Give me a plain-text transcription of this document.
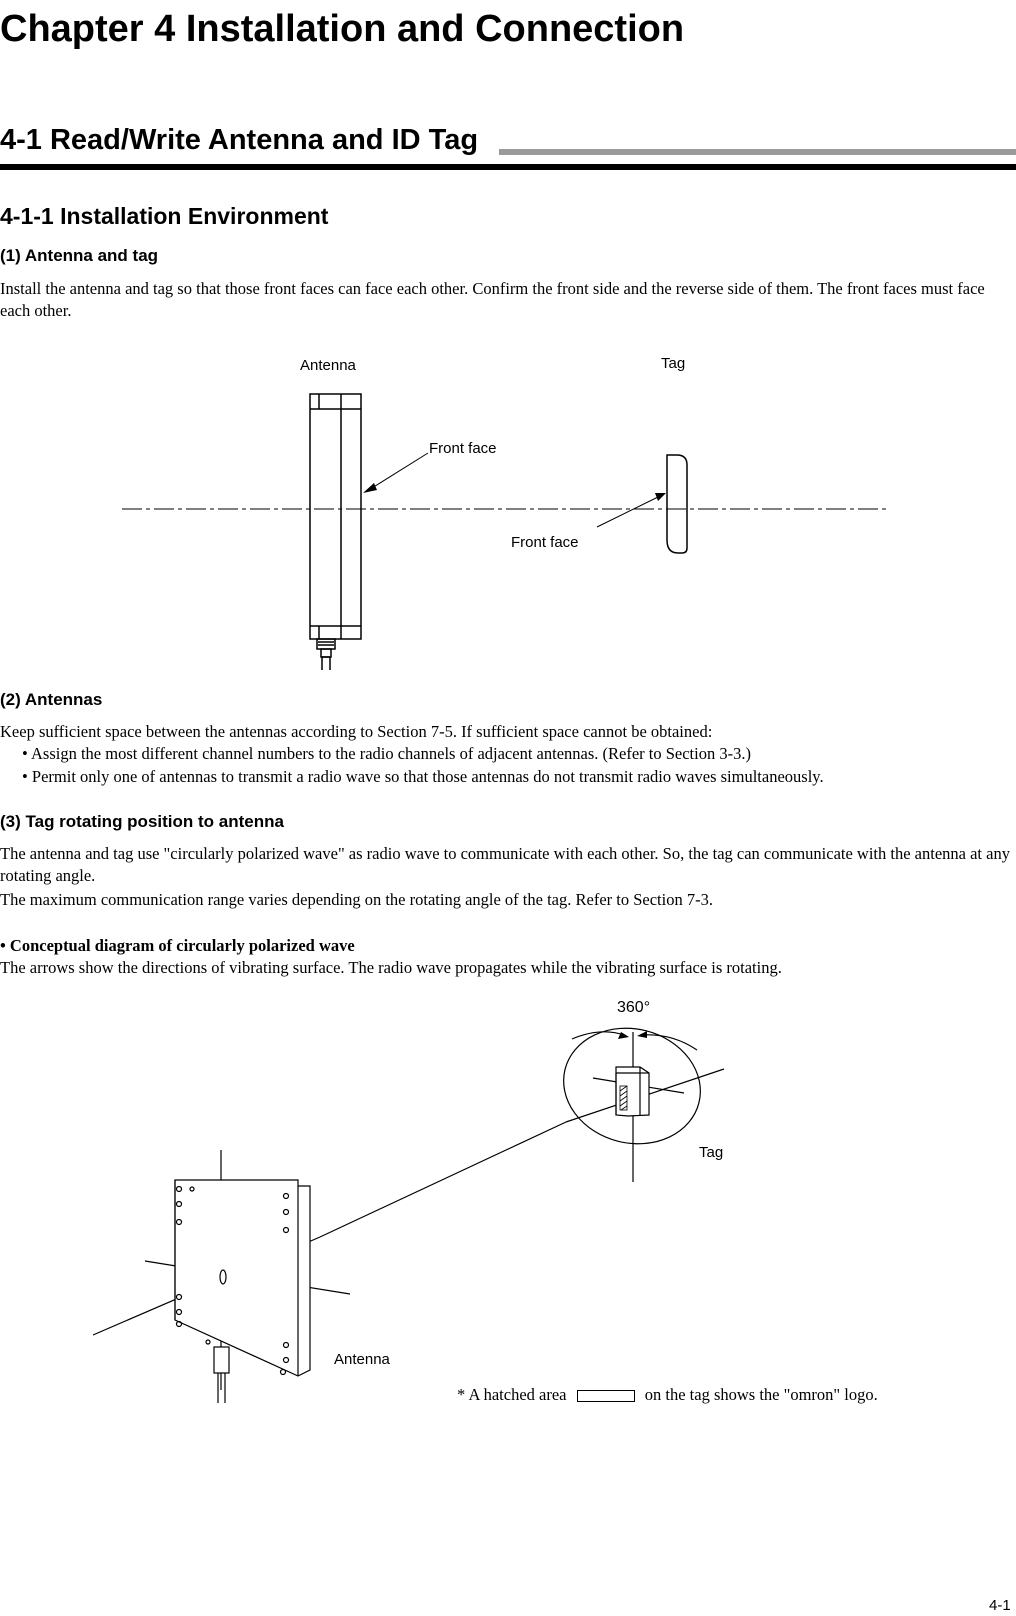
Chapter 4 Installation and Connection
4-1 Read/Write Antenna and ID Tag
4-1-1 Installation Environment
(1) Antenna and tag
Install the antenna and tag so that those front faces can face each other. Confirm the front side and the reverse side of them. The front faces must face each other.
Antenna	Tag
Front face
Front face
(2) Antennas
Keep sufficient space between the antennas according to Section 7-5. If sufficient space cannot be obtained:
• Assign the most different channel numbers to the radio channels of adjacent antennas. (Refer to Section 3-3.)
• Permit only one of antennas to transmit a radio wave so that those antennas do not transmit radio waves simultaneously.
(3) Tag rotating position to antenna
The antenna and tag use "circularly polarized wave" as radio wave to communicate with each other. So, the tag can communicate with the antenna at any rotating angle.
The maximum communication range varies depending on the rotating angle of the tag. Refer to Section 7-3.
• Conceptual diagram of circularly polarized wave
The arrows show the directions of vibrating surface. The radio wave propagates while the vibrating surface is rotating.
360°
Tag
Antenna
* A hatched area	on the tag shows the "omron" logo.
4-1
